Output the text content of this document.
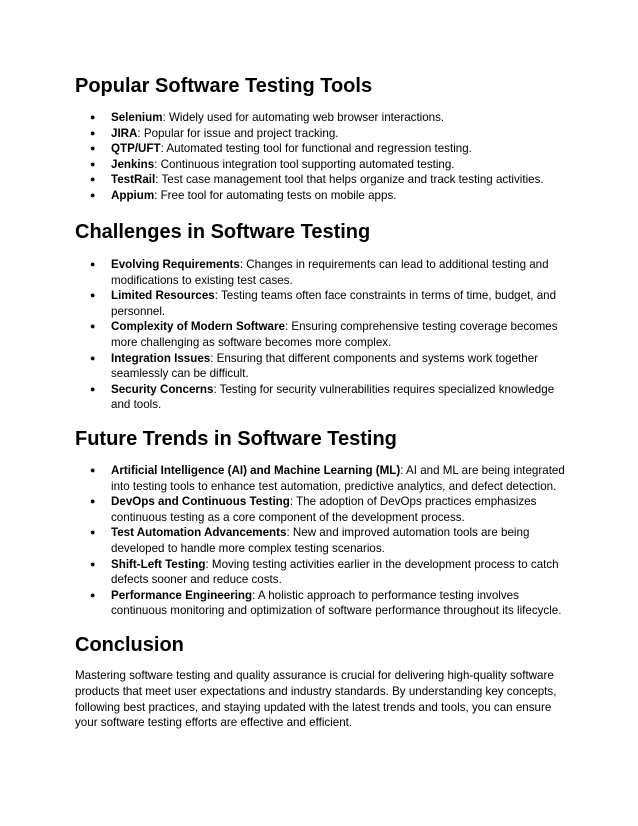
Popular Software Testing Tools
● Selenium: Widely used for automating web browser interactions.
● JIRA: Popular for issue and project tracking.
● QTP/UFT: Automated testing tool for functional and regression testing.
● Jenkins: Continuous integration tool supporting automated testing.
● TestRail: Test case management tool that helps organize and track testing activities.
● Appium: Free tool for automating tests on mobile apps.
Challenges in Software Testing
● Evolving Requirements: Changes in requirements can lead to additional testing and modifications to existing test cases.
● Limited Resources: Testing teams often face constraints in terms of time, budget, and personnel.
● Complexity of Modern Software: Ensuring comprehensive testing coverage becomes more challenging as software becomes more complex.
● Integration Issues: Ensuring that different components and systems work together seamlessly can be difficult.
● Security Concerns: Testing for security vulnerabilities requires specialized knowledge and tools.
Future Trends in Software Testing
● Artificial Intelligence (AI) and Machine Learning (ML): AI and ML are being integrated into testing tools to enhance test automation, predictive analytics, and defect detection.
● DevOps and Continuous Testing: The adoption of DevOps practices emphasizes continuous testing as a core component of the development process.
● Test Automation Advancements: New and improved automation tools are being developed to handle more complex testing scenarios.
● Shift-Left Testing: Moving testing activities earlier in the development process to catch defects sooner and reduce costs.
● Performance Engineering: A holistic approach to performance testing involves continuous monitoring and optimization of software performance throughout its lifecycle.
Conclusion

Mastering software testing and quality assurance is crucial for delivering high-quality software products that meet user expectations and industry standards. By understanding key concepts, following best practices, and staying updated with the latest trends and tools, you can ensure your software testing efforts are effective and efficient.
